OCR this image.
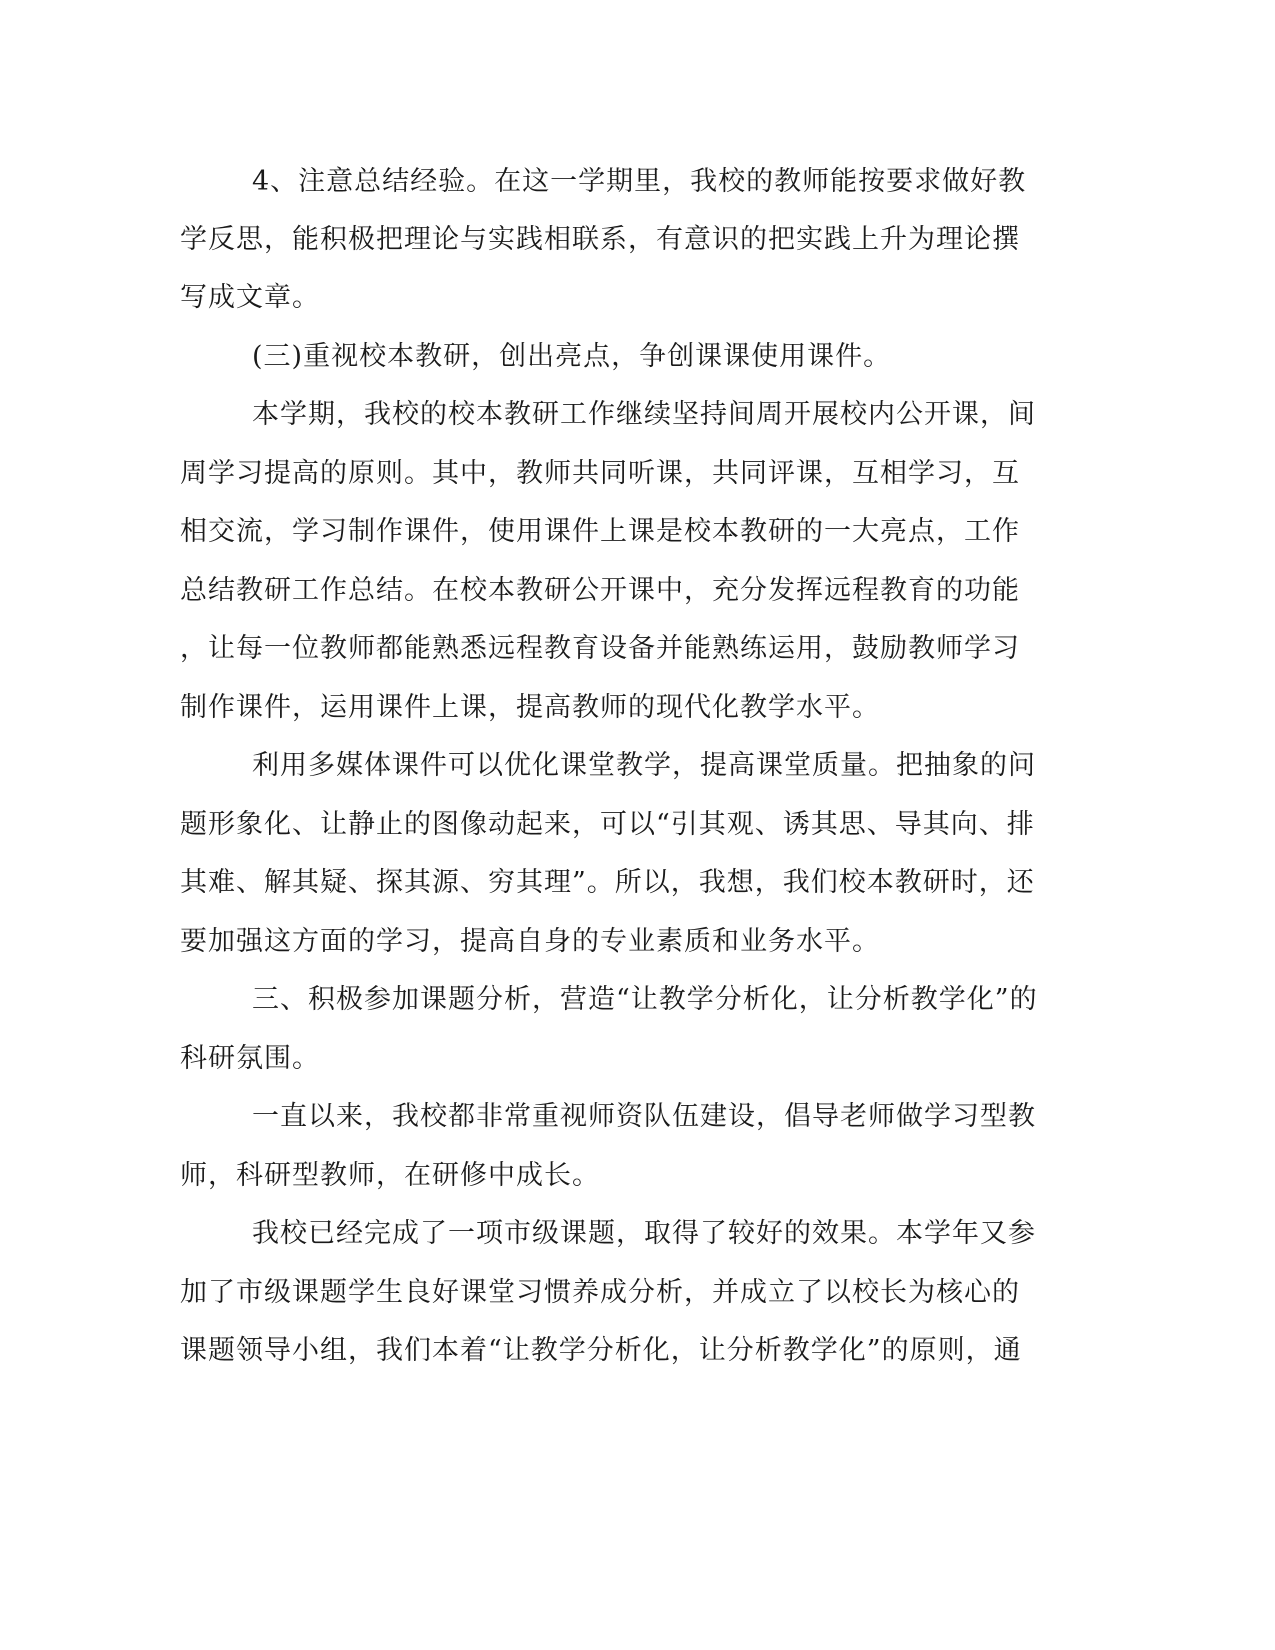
4、注意总结经验。在这一学期里，我校的教师能按要求做好教
学反思，能积极把理论与实践相联系，有意识的把实践上升为理论撰
写成文章。
(三)重视校本教研，创出亮点，争创课课使用课件。
本学期，我校的校本教研工作继续坚持间周开展校内公开课，间
周学习提高的原则。其中，教师共同听课，共同评课，互相学习，互
相交流，学习制作课件，使用课件上课是校本教研的一大亮点，工作
总结教研工作总结。在校本教研公开课中，充分发挥远程教育的功能
，让每一位教师都能熟悉远程教育设备并能熟练运用，鼓励教师学习
制作课件，运用课件上课，提高教师的现代化教学水平。
利用多媒体课件可以优化课堂教学，提高课堂质量。把抽象的问
题形象化、让静止的图像动起来，可以“引其观、诱其思、导其向、排
其难、解其疑、探其源、穷其理”。所以，我想，我们校本教研时，还
要加强这方面的学习，提高自身的专业素质和业务水平。
三、积极参加课题分析，营造“让教学分析化，让分析教学化”的
科研氛围。
一直以来，我校都非常重视师资队伍建设，倡导老师做学习型教
师，科研型教师，在研修中成长。
我校已经完成了一项市级课题，取得了较好的效果。本学年又参
加了市级课题学生良好课堂习惯养成分析，并成立了以校长为核心的
课题领导小组，我们本着“让教学分析化，让分析教学化”的原则，通
